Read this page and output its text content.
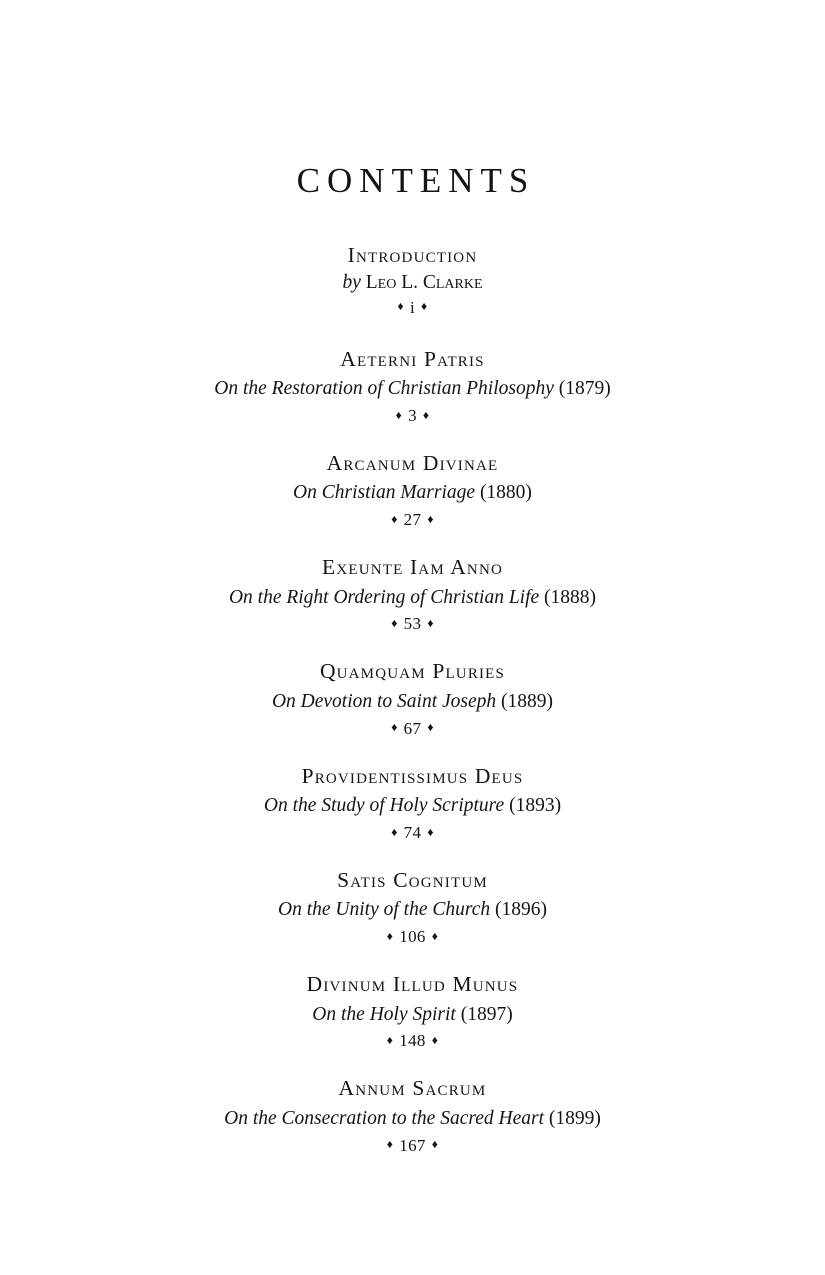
CONTENTS
Introduction
by Leo L. Clarke
♦ i ♦
Aeterni Patris
On the Restoration of Christian Philosophy (1879)
♦ 3 ♦
Arcanum Divinae
On Christian Marriage (1880)
♦ 27 ♦
Exeunte Iam Anno
On the Right Ordering of Christian Life (1888)
♦ 53 ♦
Quamquam Pluries
On Devotion to Saint Joseph (1889)
♦ 67 ♦
Providentissimus Deus
On the Study of Holy Scripture (1893)
♦ 74 ♦
Satis Cognitum
On the Unity of the Church (1896)
♦ 106 ♦
Divinum Illud Munus
On the Holy Spirit (1897)
♦ 148 ♦
Annum Sacrum
On the Consecration to the Sacred Heart (1899)
♦ 167 ♦
